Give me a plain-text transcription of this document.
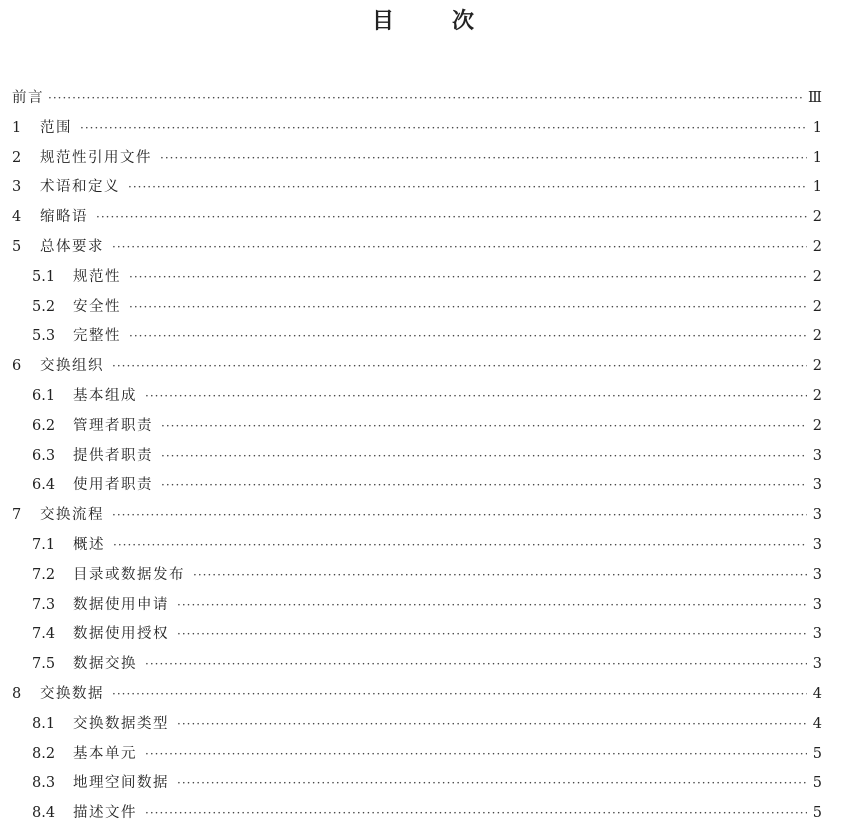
目	次
前言 ·····	Ⅲ
1	范围 ·····	1
2	规范性引用文件 ·····	1
3	术语和定义 ·····	1
4	缩略语 ·····	2
5	总体要求 ·····	2
5.1	规范性 ·····	2
5.2	安全性 ·····	2
5.3	完整性 ·····	2
6	交换组织 ·····	2
6.1	基本组成 ·····	2
6.2	管理者职责 ·····	2
6.3	提供者职责 ·····	3
6.4	使用者职责 ·····	3
7	交换流程 ·····	3
7.1	概述 ·····	3
7.2	目录或数据发布 ·····	3
7.3	数据使用申请 ·····	3
7.4	数据使用授权 ·····	3
7.5	数据交换 ·····	3
8	交换数据 ·····	4
8.1	交换数据类型 ·····	4
8.2	基本单元 ·····	5
8.3	地理空间数据 ·····	5
8.4	描述文件 ·····	5
